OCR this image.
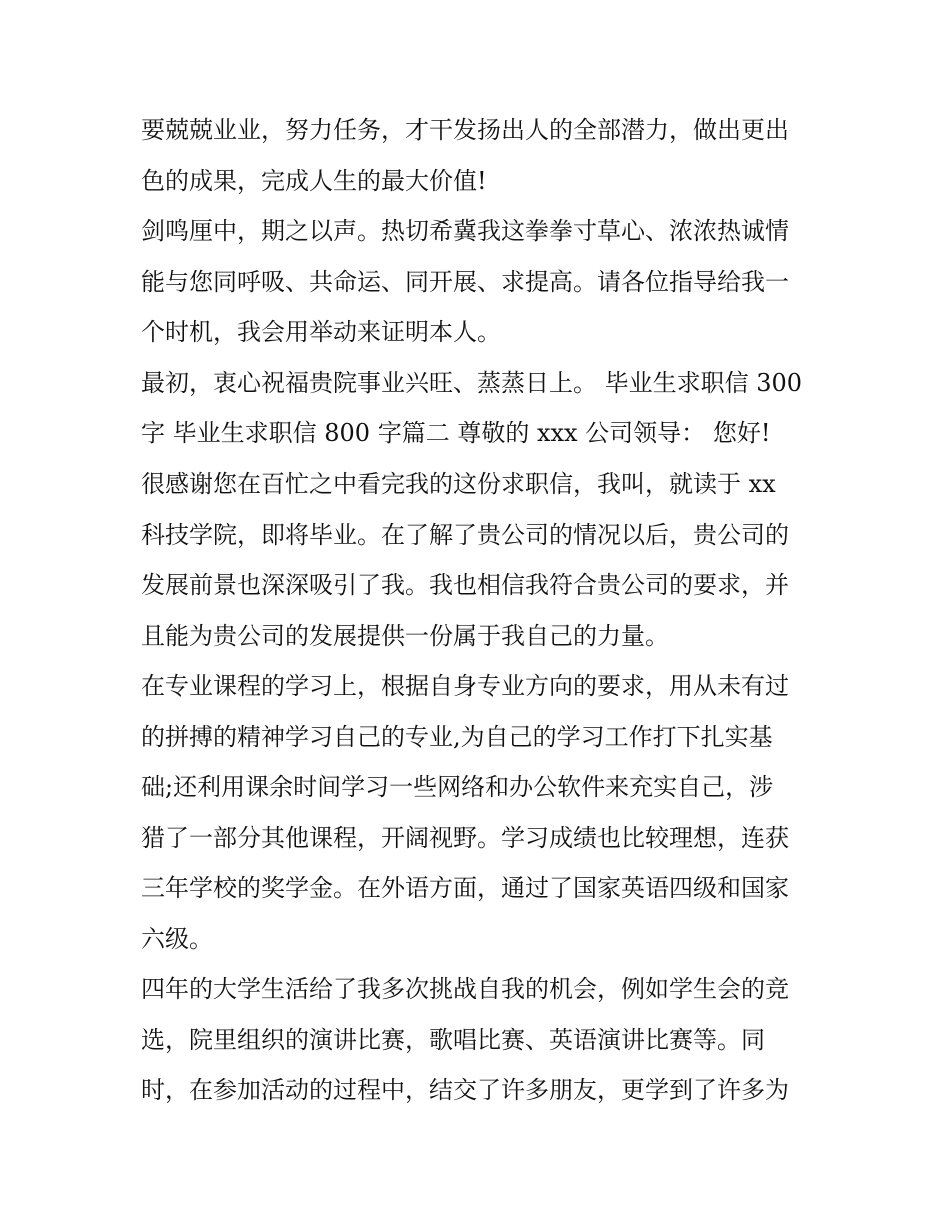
要兢兢业业，努力任务，才干发扬出人的全部潜力，做出更出
色的成果，完成人生的最大价值!
剑鸣厘中，期之以声。热切希冀我这拳拳寸草心、浓浓热诚情
能与您同呼吸、共命运、同开展、求提高。请各位指导给我一
个时机，我会用举动来证明本人。
最初，衷心祝福贵院事业兴旺、蒸蒸日上。 毕业生求职信 300
字 毕业生求职信 800 字篇二 尊敬的 xxx 公司领导： 您好!
很感谢您在百忙之中看完我的这份求职信，我叫，就读于 xx
科技学院，即将毕业。在了解了贵公司的情况以后，贵公司的
发展前景也深深吸引了我。我也相信我符合贵公司的要求，并
且能为贵公司的发展提供一份属于我自己的力量。
在专业课程的学习上，根据自身专业方向的要求，用从未有过
的拼搏的精神学习自己的专业,为自己的学习工作打下扎实基
础;还利用课余时间学习一些网络和办公软件来充实自己，涉
猎了一部分其他课程，开阔视野。学习成绩也比较理想，连获
三年学校的奖学金。在外语方面，通过了国家英语四级和国家
六级。
四年的大学生活给了我多次挑战自我的机会，例如学生会的竞
选，院里组织的演讲比赛，歌唱比赛、英语演讲比赛等。同
时，在参加活动的过程中，结交了许多朋友，更学到了许多为
